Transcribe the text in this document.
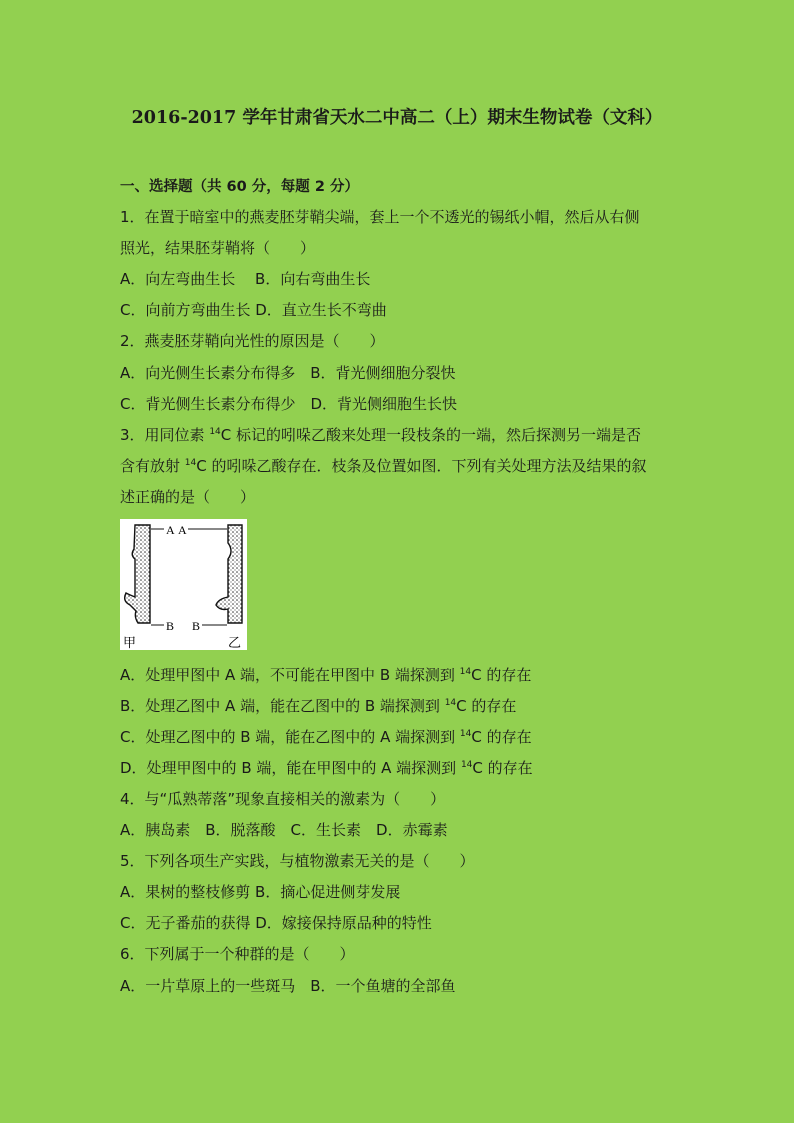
2016-2017 学年甘肃省天水二中高二（上）期末生物试卷（文科）
一、选择题（共 60 分，每题 2 分）
1．在置于暗室中的燕麦胚芽鞘尖端，套上一个不透光的锡纸小帽，然后从右侧
照光，结果胚芽鞘将（　　）
A．向左弯曲生长　 B．向右弯曲生长
C．向前方弯曲生长 D．直立生长不弯曲
2．燕麦胚芽鞘向光性的原因是（　　）
A．向光侧生长素分布得多　B．背光侧细胞分裂快
C．背光侧生长素分布得少　D．背光侧细胞生长快
3．用同位素 $^{14}$C 标记的吲哚乙酸来处理一段枝条的一端，然后探测另一端是否
含有放射 $^{14}$C 的吲哚乙酸存在．枝条及位置如图．下列有关处理方法及结果的叙
述正确的是（　　）
A A
B B
甲	乙
A．处理甲图中 A 端，不可能在甲图中 B 端探测到 $^{14}$C 的存在
B．处理乙图中 A 端，能在乙图中的 B 端探测到 $^{14}$C 的存在
C．处理乙图中的 B 端，能在乙图中的 A 端探测到 $^{14}$C 的存在
D．处理甲图中的 B 端，能在甲图中的 A 端探测到 $^{14}$C 的存在
4．与“瓜熟蒂落”现象直接相关的激素为（　　）
A．胰岛素　B．脱落酸　C．生长素　D．赤霉素
5．下列各项生产实践，与植物激素无关的是（　　）
A．果树的整枝修剪 B．摘心促进侧芽发展
C．无子番茄的获得 D．嫁接保持原品种的特性
6．下列属于一个种群的是（　　）
A．一片草原上的一些斑马　B．一个鱼塘的全部鱼
